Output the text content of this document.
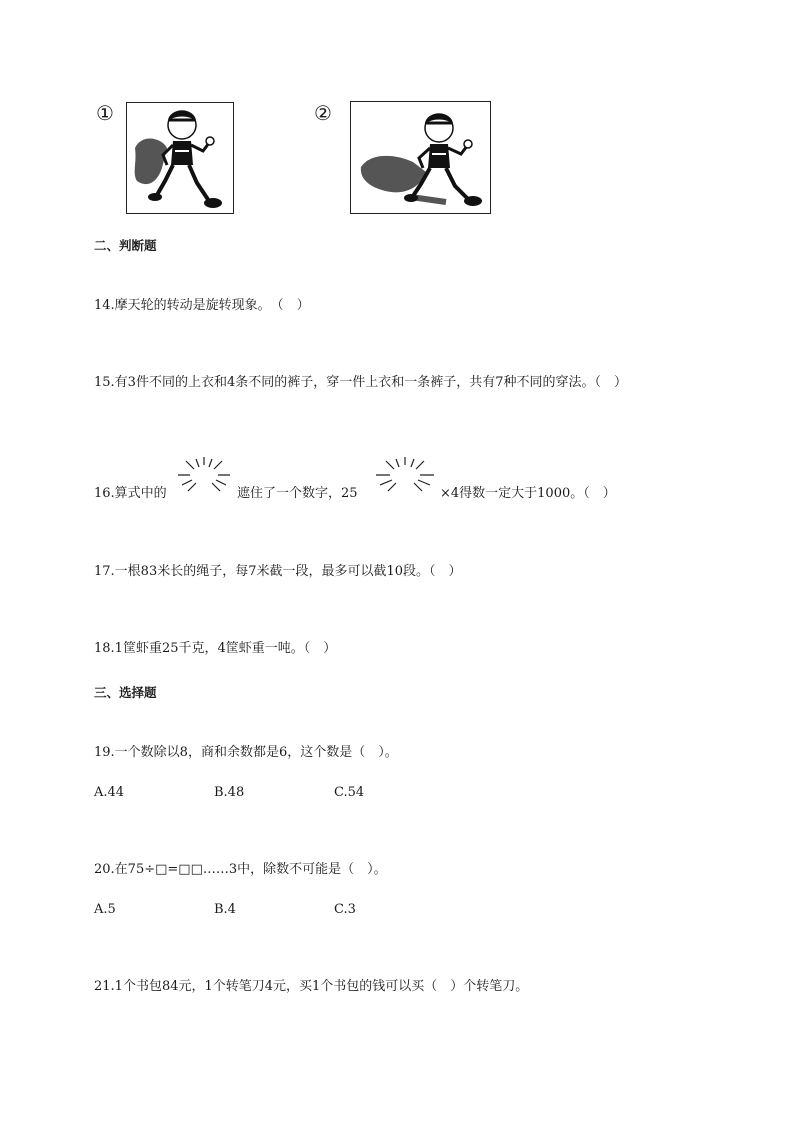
①	②
二、判断题
14.摩天轮的转动是旋转现象。　（　）
15.有3件不同的上衣和4条不同的裤子，穿一件上衣和一条裤子，共有7种不同的穿法。（　）
16.算式中的	遮住了一个数字，25	×4得数一定大于1000。（　）
17.一根83米长的绳子，每7米截一段，最多可以截10段。（　）
18.1筐虾重25千克，4筐虾重一吨。（　）
三、选择题
19.一个数除以8，商和余数都是6，这个数是（　）。
A.44	B.48	C.54
20.在75÷□=□□……3中，除数不可能是（　）。
A.5	B.4	C.3
21.1个书包84元，1个转笔刀4元，买1个书包的钱可以买（　）个转笔刀。
